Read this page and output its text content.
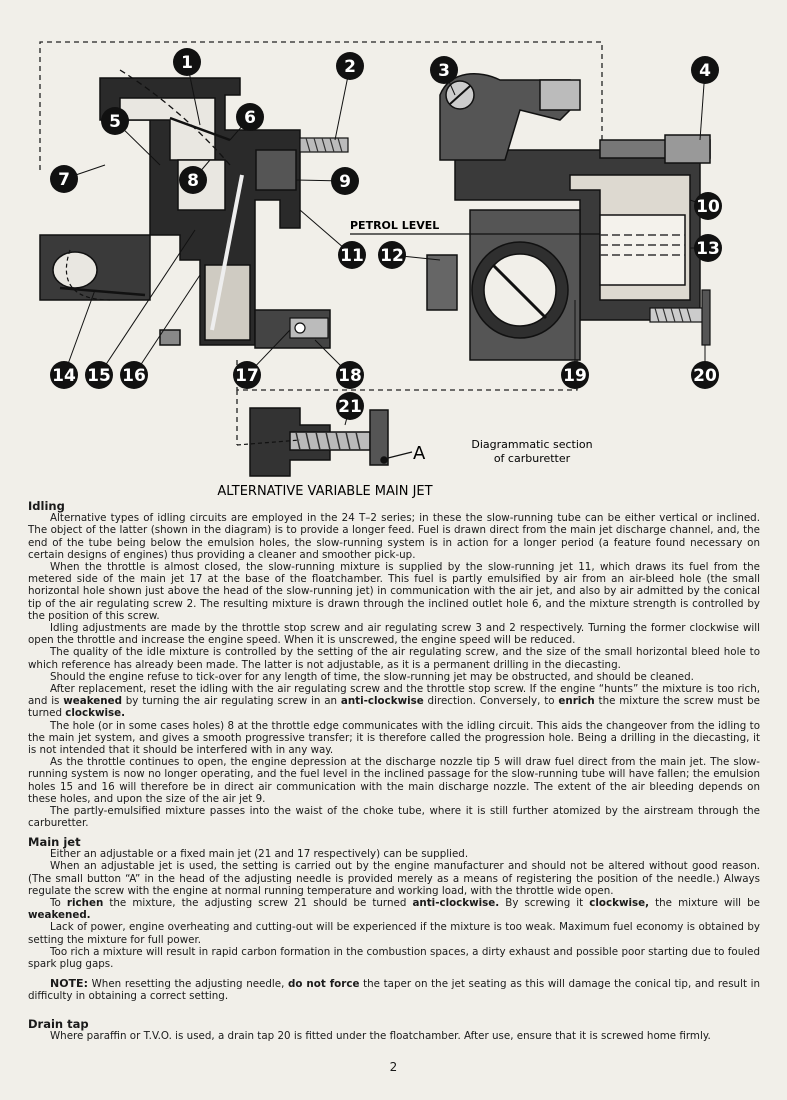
PETROL LEVEL
A	Diagrammatic section
of carburetter
ALTERNATIVE VARIABLE MAIN JET
1	2	3	4
5	6
7	8	9
10
11 12	13
14 15 16	17	18	19	20
21

Idling

Alternative types of idling circuits are employed in the 24 T–2 series; in these the slow-running tube can be either vertical or inclined. The object of the latter (shown in the diagram) is to provide a longer feed. Fuel is drawn direct from the main jet discharge channel, and, the end of the tube being below the emulsion holes, the slow-running system is in action for a longer period (a feature found necessary on certain designs of engines) thus providing a cleaner and smoother pick-up.

When the throttle is almost closed, the slow-running mixture is supplied by the slow-running jet 11, which draws its fuel from the metered side of the main jet 17 at the base of the floatchamber. This fuel is partly emulsified by air from an air-bleed hole (the small horizontal hole shown just above the head of the slow-running jet) in communication with the air jet, and also by air admitted by the conical tip of the air regulating screw 2. The resulting mixture is drawn through the inclined outlet hole 6, and the mixture strength is controlled by the position of this screw.

Idling adjustments are made by the throttle stop screw and air regulating screw 3 and 2 respectively. Turning the former clockwise will open the throttle and increase the engine speed. When it is unscrewed, the engine speed will be reduced.

The quality of the idle mixture is controlled by the setting of the air regulating screw, and the size of the small horizontal bleed hole to which reference has already been made. The latter is not adjustable, as it is a permanent drilling in the diecasting.

Should the engine refuse to tick-over for any length of time, the slow-running jet may be obstructed, and should be cleaned.

After replacement, reset the idling with the air regulating screw and the throttle stop screw. If the engine “hunts” the mixture is too rich, and is weakened by turning the air regulating screw in an anti-clockwise direction. Conversely, to enrich the mixture the screw must be turned clockwise.

The hole (or in some cases holes) 8 at the throttle edge communicates with the idling circuit. This aids the changeover from the idling to the main jet system, and gives a smooth progressive transfer; it is therefore called the progression hole. Being a drilling in the diecasting, it is not intended that it should be interfered with in any way.

As the throttle continues to open, the engine depression at the discharge nozzle tip 5 will draw fuel direct from the main jet. The slow-running system is now no longer operating, and the fuel level in the inclined passage for the slow-running tube will have fallen; the emulsion holes 15 and 16 will therefore be in direct air communication with the main discharge nozzle. The extent of the air bleeding depends on these holes, and upon the size of the air jet 9.

The partly-emulsified mixture passes into the waist of the choke tube, where it is still further atomized by the airstream through the carburetter.

Main jet

Either an adjustable or a fixed main jet (21 and 17 respectively) can be supplied.

When an adjustable jet is used, the setting is carried out by the engine manufacturer and should not be altered without good reason. (The small button “A” in the head of the adjusting needle is provided merely as a means of registering the position of the needle.) Always regulate the screw with the engine at normal running temperature and working load, with the throttle wide open.

To richen the mixture, the adjusting screw 21 should be turned anti-clockwise. By screwing it clockwise, the mixture will be weakened.

Lack of power, engine overheating and cutting-out will be experienced if the mixture is too weak. Maximum fuel economy is obtained by setting the mixture for full power.

Too rich a mixture will result in rapid carbon formation in the combustion spaces, a dirty exhaust and possible poor starting due to fouled spark plug gaps.

NOTE: When resetting the adjusting needle, do not force the taper on the jet seating as this will damage the conical tip, and result in difficulty in obtaining a correct setting.

Drain tap

Where paraffin or T.V.O. is used, a drain tap 20 is fitted under the floatchamber. After use, ensure that it is screwed home firmly.

2
